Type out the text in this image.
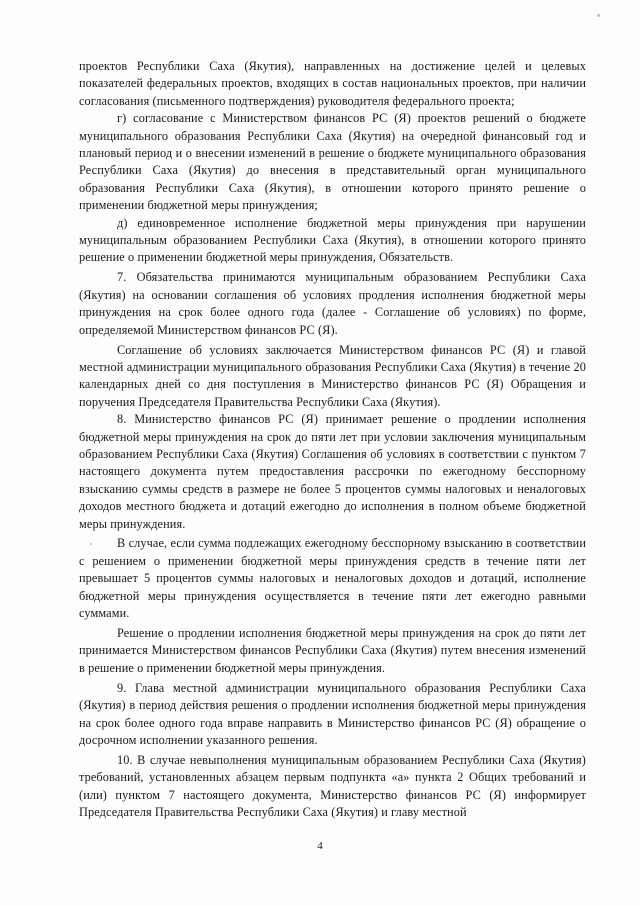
проектов Республики Саха (Якутия), направленных на достижение целей и целевых показателей федеральных проектов, входящих в состав национальных проектов, при наличии согласования (письменного подтверждения) руководителя федерального проекта;

г) согласование с Министерством финансов РС (Я) проектов решений о бюджете муниципального образования Республики Саха (Якутия) на очередной финансовый год и плановый период и о внесении изменений в решение о бюджете муниципального образования Республики Саха (Якутия) до внесения в представительный орган муниципального образования Республики Саха (Якутия), в отношении которого принято решение о применении бюджетной меры принуждения;

д) единовременное исполнение бюджетной меры принуждения при нарушении муниципальным образованием Республики Саха (Якутия), в отношении которого принято решение о применении бюджетной меры принуждения, Обязательств.

7. Обязательства принимаются муниципальным образованием Республики Саха (Якутия) на основании соглашения об условиях продления исполнения бюджетной меры принуждения на срок более одного года (далее - Соглашение об условиях) по форме, определяемой Министерством финансов РС (Я).

Соглашение об условиях заключается Министерством финансов РС (Я) и главой местной администрации муниципального образования Республики Саха (Якутия) в течение 20 календарных дней со дня поступления в Министерство финансов РС (Я) Обращения и поручения Председателя Правительства Республики Саха (Якутия).

8. Министерство финансов РС (Я) принимает решение о продлении исполнения бюджетной меры принуждения на срок до пяти лет при условии заключения муниципальным образованием Республики Саха (Якутия) Соглашения об условиях в соответствии с пунктом 7 настоящего документа путем предоставления рассрочки по ежегодному бесспорному взысканию суммы средств в размере не более 5 процентов суммы налоговых и неналоговых доходов местного бюджета и дотаций ежегодно до исполнения в полном объеме бюджетной меры принуждения.

В случае, если сумма подлежащих ежегодному бесспорному взысканию в соответствии с решением о применении бюджетной меры принуждения средств в течение пяти лет превышает 5 процентов суммы налоговых и неналоговых доходов и дотаций, исполнение бюджетной меры принуждения осуществляется в течение пяти лет ежегодно равными суммами.

Решение о продлении исполнения бюджетной меры принуждения на срок до пяти лет принимается Министерством финансов Республики Саха (Якутия) путем внесения изменений в решение о применении бюджетной меры принуждения.

9. Глава местной администрации муниципального образования Республики Саха (Якутия) в период действия решения о продлении исполнения бюджетной меры принуждения на срок более одного года вправе направить в Министерство финансов РС (Я) обращение о досрочном исполнении указанного решения.

10. В случае невыполнения муниципальным образованием Республики Саха (Якутия) требований, установленных абзацем первым подпункта «а» пункта 2 Общих требований и (или) пунктом 7 настоящего документа, Министерство финансов РС (Я) информирует Председателя Правительства Республики Саха (Якутия) и главу местной

4
